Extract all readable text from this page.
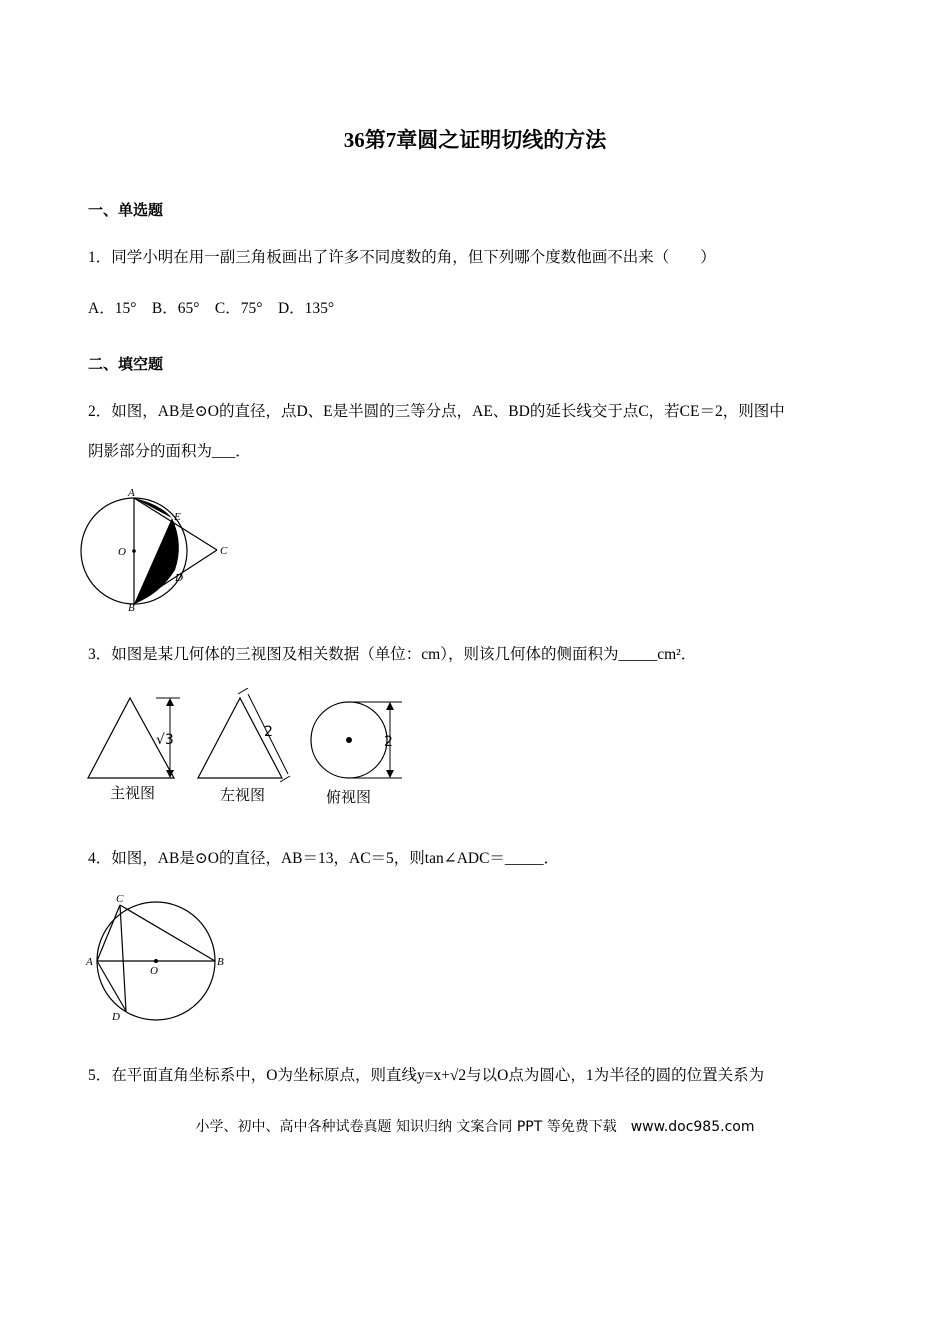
36第7章圆之证明切线的方法
一、单选题
1．同学小明在用一副三角板画出了许多不同度数的角，但下列哪个度数他画不出来（　　）
A．15°　B．65°　C．75°　D．135°
二、填空题
2．如图，AB是⊙O的直径，点D、E是半圆的三等分点，AE、BD的延长线交于点C，若CE＝2，则图中
阴影部分的面积为___．
A
E
O	C
D
B
3．如图是某几何体的三视图及相关数据（单位：cm），则该几何体的侧面积为_____cm²．
√3	2
2
主视图	左视图	俯视图
4．如图，AB是⊙O的直径，AB＝13，AC＝5，则tan∠ADC＝_____．
C
A
O
B
D
5．在平面直角坐标系中，O为坐标原点，则直线y=x+√2与以O点为圆心，1为半径的圆的位置关系为
小学、初中、高中各种试卷真题 知识归纳 文案合同 PPT 等免费下载　www.doc985.com
